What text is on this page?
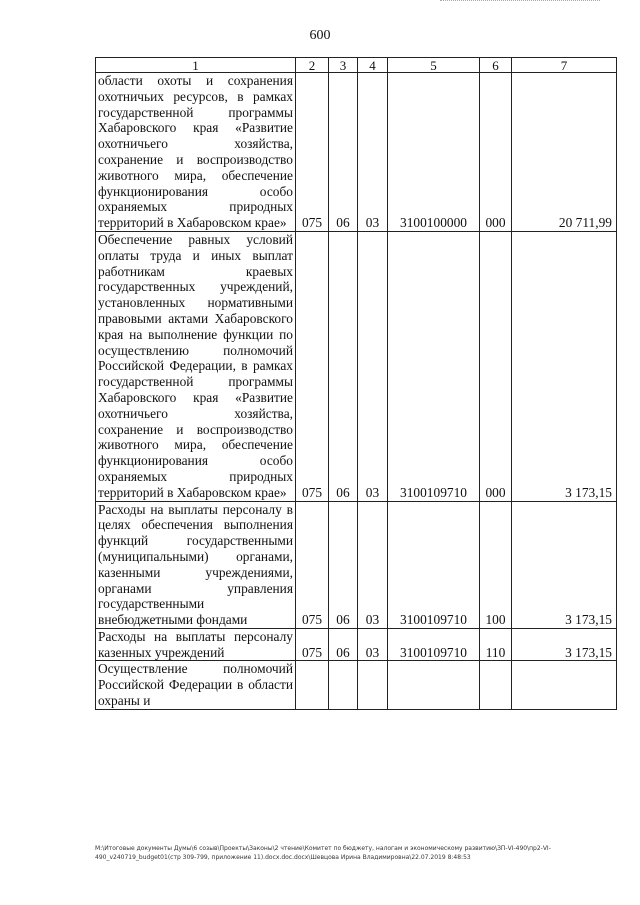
600
1	2	3	4	5	6	7
области охоты и сохранения охотничьих ресурсов, в рамках государственной программы Хабаровского края «Развитие охотничьего хозяйства, сохранение и воспроизводство животного мира, обеспечение функционирования особо охраняемых природных территорий в Хабаровском крае»	075	06	03	3100100000	000	20 711,99
Обеспечение равных условий оплаты труда и иных выплат работникам краевых государственных учреждений, установленных нормативными правовыми актами Хабаровского края на выполнение функции по осуществлению полномочий Российской Федерации, в рамках государственной программы Хабаровского края «Развитие охотничьего хозяйства, сохранение и воспроизводство животного мира, обеспечение функционирования особо охраняемых природных территорий в Хабаровском крае»	075	06	03	3100109710	000	3 173,15
Расходы на выплаты персоналу в целях обеспечения выполнения функций государственными (муниципальными) органами, казенными учреждениями, органами управления государственными внебюджетными фондами	075	06	03	3100109710	100	3 173,15
Расходы на выплаты персоналу казенных учреждений	075	06	03	3100109710	110	3 173,15
Осуществление полномочий Российской Федерации в области охраны и						
М:\Итоговые документы Думы\6 созыв\Проекты\Законы\2 чтение\Комитет по бюджету, налогам и экономическому развитию\ЗП-VI-490\пр2-VI-490_v240719_budget01(стр 309-799, приложение 11).docx.doc.docx\Шевцова Ирина Владимировна\22.07.2019 8:48:53
